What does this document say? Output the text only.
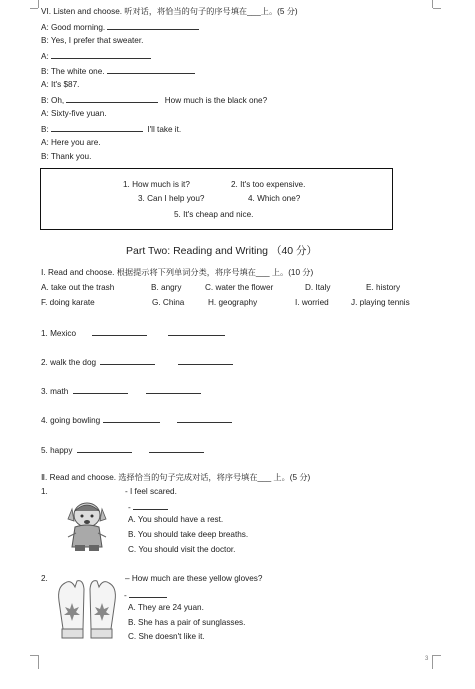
VI. Listen and choose. 听对话，将恰当的句子的序号填在___上。(5 分)
A: Good morning.
B: Yes, I prefer that sweater.
A:
B: The white one.
A: It's $87.
B: Oh,	How much is the black one?
A: Sixty-five yuan.
B:	I'll take it.
A: Here you are.
B: Thank you.
1. How much is it?	2. It's too expensive.
3. Can I help you?	4. Which one?
5. It's cheap and nice.
Part Two: Reading and Writing （40 分）
Ⅰ. Read and choose. 根据提示将下列单词分类，将序号填在___ 上。(10 分)
A. take out the trash	B. angry	C. water the flower	D. Italy	E. history
F. doing karate	G. China	H. geography	I. worried	J. playing tennis
1. Mexico
2. walk the dog
3. math
4. going bowling
5. happy
Ⅱ. Read and choose. 选择恰当的句子完成对话，将序号填在___ 上。(5 分)
1.	- I feel scared.
-
A. You should have a rest.
B. You should take deep breaths.
C. You should visit the doctor.
2.	– How much are these yellow gloves?
-
A. They are 24 yuan.
B. She has a pair of sunglasses.
C. She doesn't like it.
3
